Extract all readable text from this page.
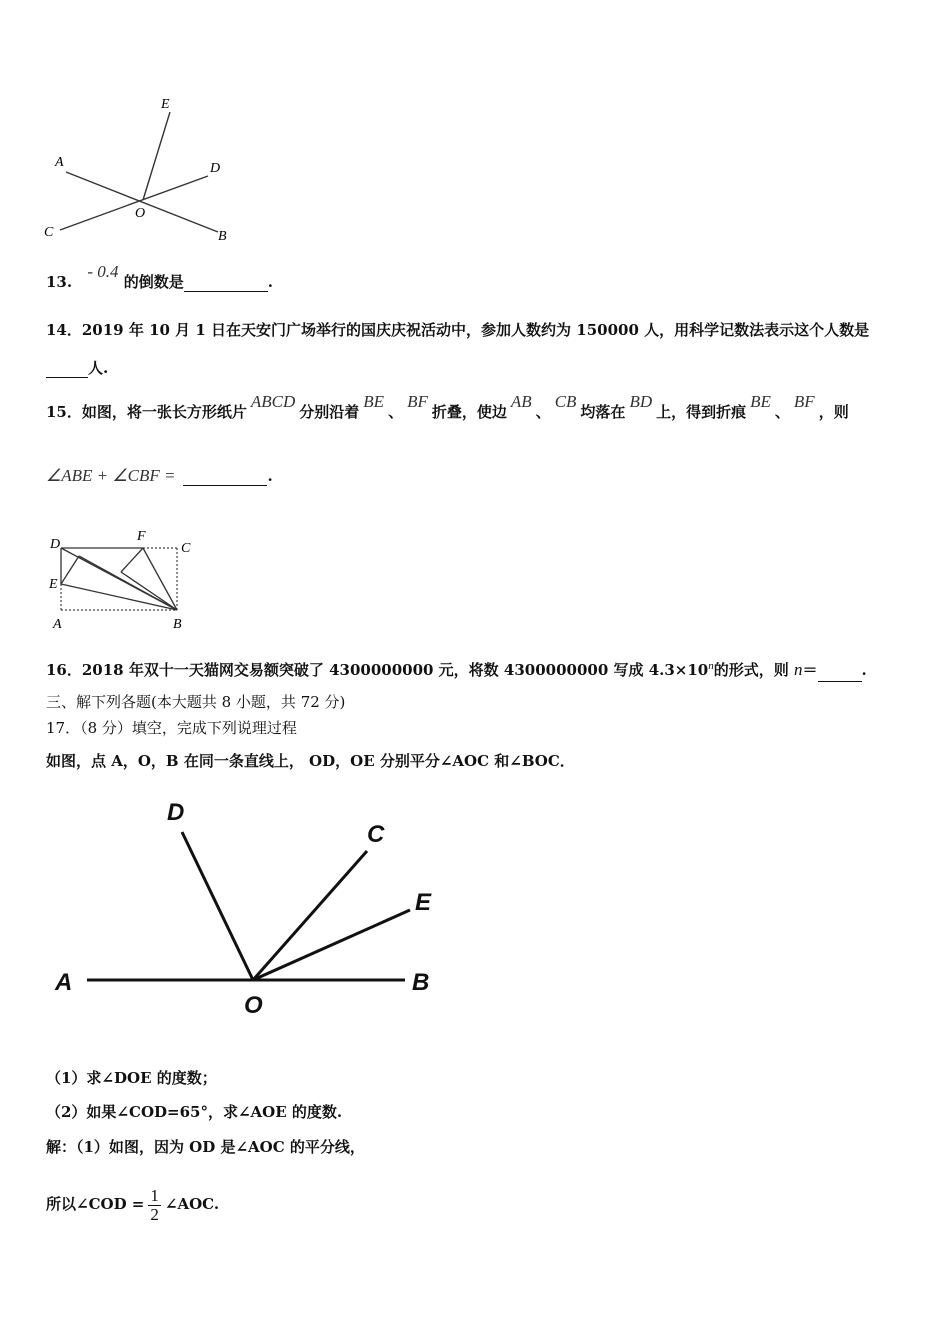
E
A	D
O
C	B
13. - 0.4 的倒数是	.
14．2019 年 10 月 1 日在天安门广场举行的国庆庆祝活动中，参加人数约为 150000 人，用科学记数法表示这个人数是
人.
15．如图，将一张长方形纸片ABCD分别沿着BE、BF折叠，使边AB、CB均落在BD上，得到折痕BE、BF，则
∠ABE + ∠CBF =	.
D
F
C
E
A	B
16．2018 年双十一天猫网交易额突破了 4300000000 元，将数 4300000000 写成 $4.3\times 10^n$的形式，则 n＝	.
三、解下列各题(本大题共 8 小题，共 72 分)
17．（8 分）填空，完成下列说理过程
如图，点 A，O，B 在同一条直线上， OD，OE 分别平分∠AOC 和∠BOC．
D
C
E
A
O
B
（1）求∠DOE 的度数；
（2）如果∠COD=65°，求∠AOE 的度数.
解：（1）如图，因为 OD 是∠AOC 的平分线，
所以∠COD = $\frac{1}{2}$ ∠AOC.
